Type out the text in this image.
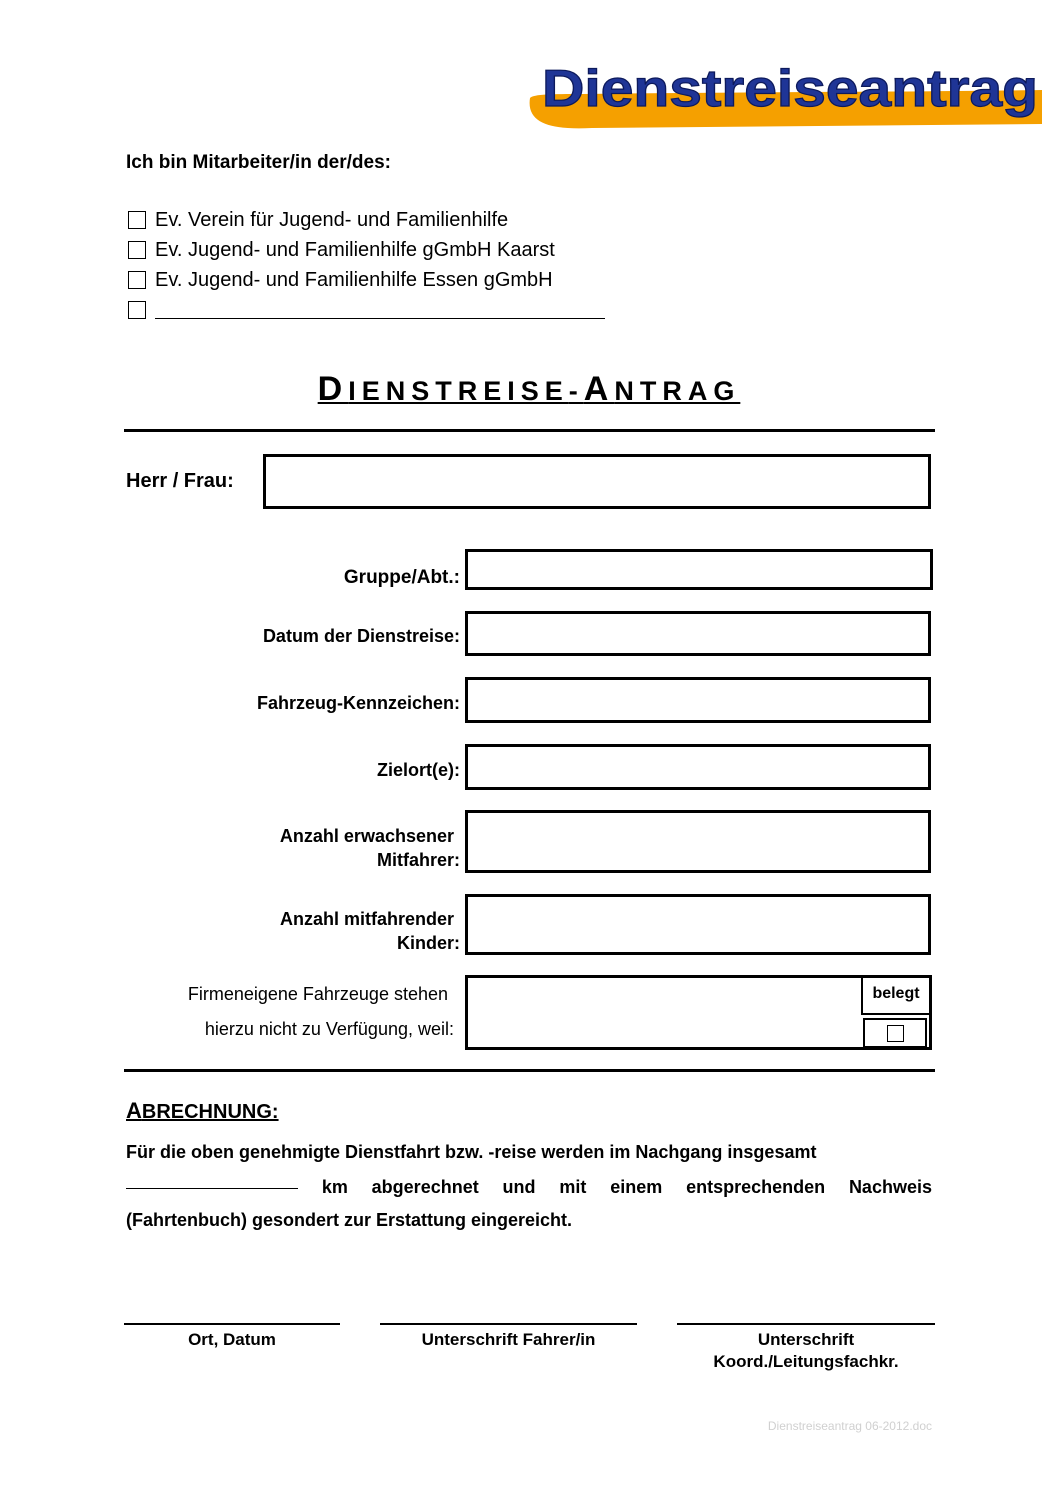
Dienstreiseantrag
Ich bin Mitarbeiter/in der/des:
Ev. Verein für Jugend- und Familienhilfe
Ev. Jugend- und Familienhilfe gGmbH Kaarst
Ev. Jugend- und Familienhilfe Essen gGmbH
DIENSTREISE-ANTRAG
Herr / Frau:
Gruppe/Abt.:
Datum der Dienstreise:
Fahrzeug-Kennzeichen:
Zielort(e):
Anzahl erwachsener
Mitfahrer:
Anzahl mitfahrender
Kinder:
Firmeneigene Fahrzeuge stehen
hierzu nicht zu Verfügung, weil:
belegt
ABRECHNUNG:
Für die oben genehmigte Dienstfahrt bzw. -reise werden im Nachgang insgesamt
km abgerechnet und mit einem entsprechenden Nachweis
(Fahrtenbuch) gesondert zur Erstattung eingereicht.
Ort, Datum	Unterschrift Fahrer/in	Unterschrift
Koord./Leitungsfachkr.
Dienstreiseantrag 06-2012.doc
